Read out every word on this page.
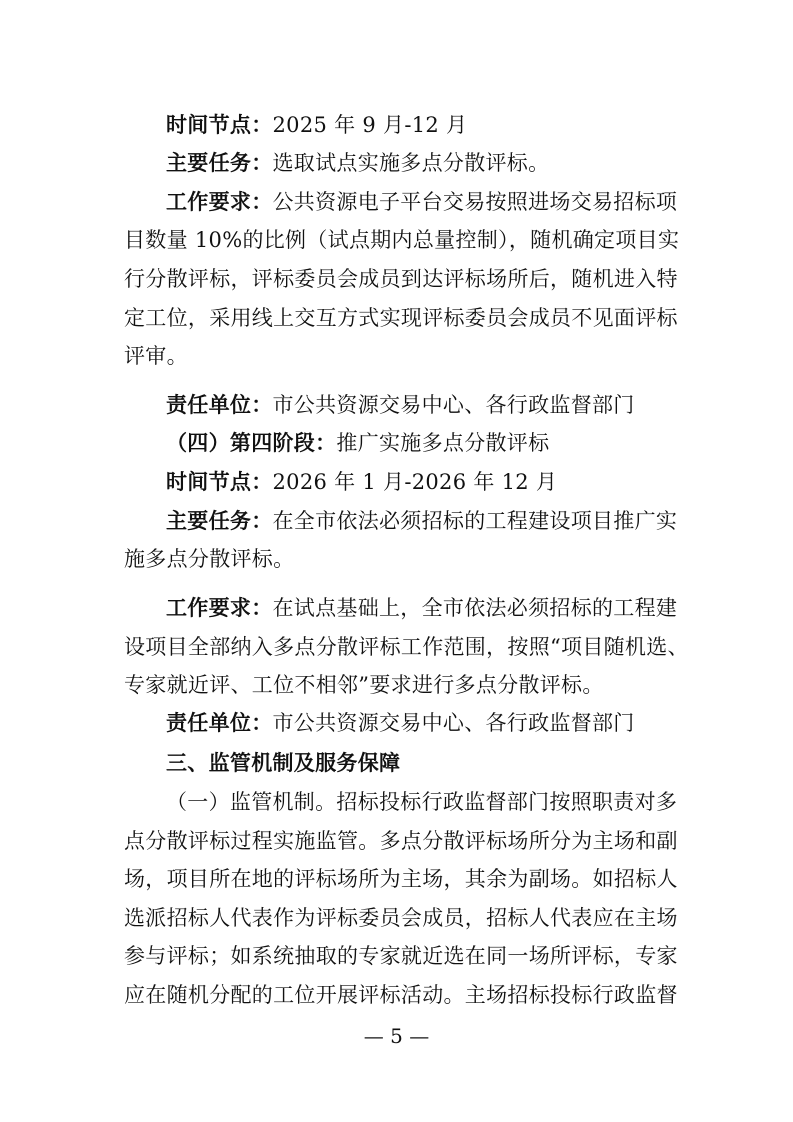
时间节点：2025 年 9 月-12 月

主要任务：选取试点实施多点分散评标。

工作要求：公共资源电子平台交易按照进场交易招标项

目数量 10%的比例（试点期内总量控制），随机确定项目实

行分散评标，评标委员会成员到达评标场所后，随机进入特

定工位，采用线上交互方式实现评标委员会成员不见面评标

评审。

责任单位：市公共资源交易中心、各行政监督部门

（四）第四阶段：推广实施多点分散评标

时间节点：2026 年 1 月-2026 年 12 月

主要任务：在全市依法必须招标的工程建设项目推广实

施多点分散评标。

工作要求：在试点基础上，全市依法必须招标的工程建

设项目全部纳入多点分散评标工作范围，按照“项目随机选、

专家就近评、工位不相邻”要求进行多点分散评标。

责任单位：市公共资源交易中心、各行政监督部门

三、监管机制及服务保障

（一）监管机制。招标投标行政监督部门按照职责对多

点分散评标过程实施监管。多点分散评标场所分为主场和副

场，项目所在地的评标场所为主场，其余为副场。如招标人

选派招标人代表作为评标委员会成员，招标人代表应在主场

参与评标；如系统抽取的专家就近选在同一场所评标，专家

应在随机分配的工位开展评标活动。主场招标投标行政监督

— 5 —
